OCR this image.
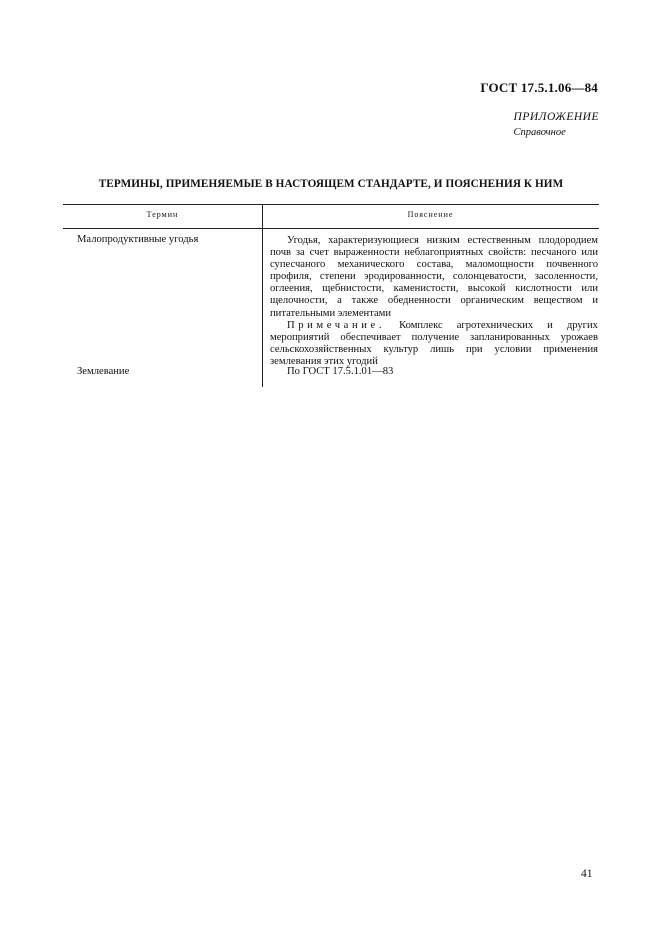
ГОСТ 17.5.1.06—84
ПРИЛОЖЕНИЕ
Справочное
ТЕРМИНЫ, ПРИМЕНЯЕМЫЕ В НАСТОЯЩЕМ СТАНДАРТЕ, И ПОЯСНЕНИЯ К НИМ
Термин	Пояснение
Малопродуктивные угодья	Угодья, характеризующиеся низким естественным плодородием почв за счет выраженности неблагоприятных свойств: песчаного или супесчаного механического состава, маломощности почвенного профиля, степени эродированности, солонцеватости, засоленности, оглеения, щебнистости, каменистости, высокой кислотности или щелочности, а также обедненности органическим веществом и питательными элементами

Примечание. Комплекс агротехнических и других мероприятий обеспечивает получение запланированных урожаев сельскохозяйственных культур лишь при условии применения землевания этих угодий

Землевание	По ГОСТ 17.5.1.01—83

41
